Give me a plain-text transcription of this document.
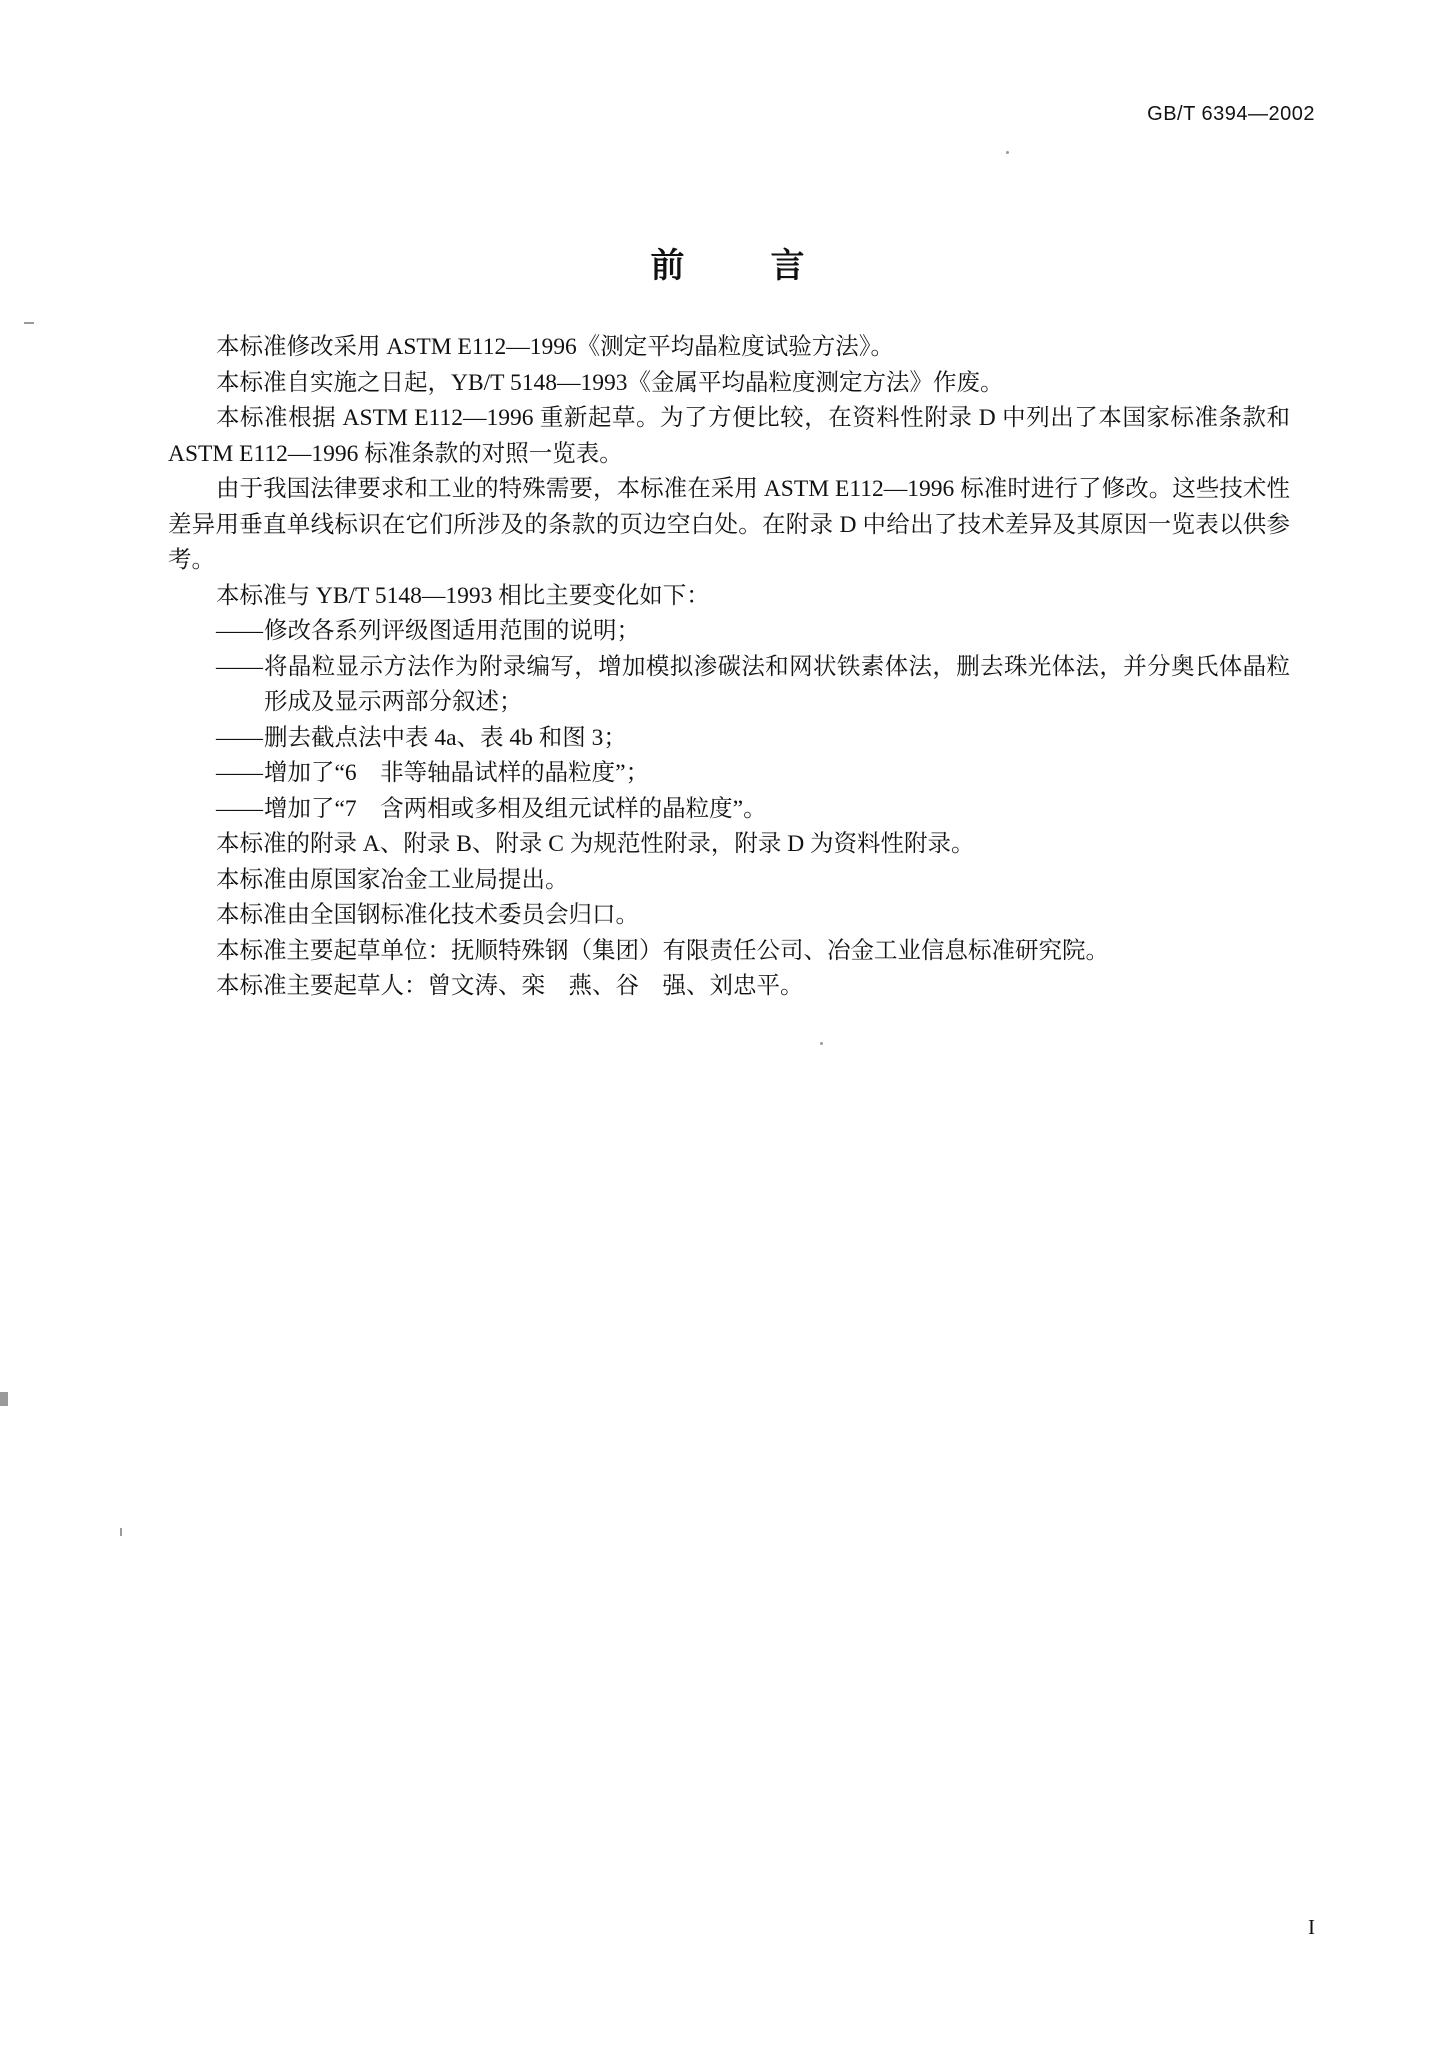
GB/T 6394—2002
前　言

本标准修改采用 ASTM E112—1996《测定平均晶粒度试验方法》。

本标准自实施之日起，YB/T 5148—1993《金属平均晶粒度测定方法》作废。

本标准根据 ASTM E112—1996 重新起草。为了方便比较，在资料性附录 D 中列出了本国家标准条款和 ASTM E112—1996 标准条款的对照一览表。

由于我国法律要求和工业的特殊需要，本标准在采用 ASTM E112—1996 标准时进行了修改。这些技术性差异用垂直单线标识在它们所涉及的条款的页边空白处。在附录 D 中给出了技术差异及其原因一览表以供参考。

本标准与 YB/T 5148—1993 相比主要变化如下：

—— 修改各系列评级图适用范围的说明；

—— 将晶粒显示方法作为附录编写，增加模拟渗碳法和网状铁素体法，删去珠光体法，并分奥氏体晶粒形成及显示两部分叙述；

—— 删去截点法中表 4a、表 4b 和图 3；

—— 增加了“6　非等轴晶试样的晶粒度”；

—— 增加了“7　含两相或多相及组元试样的晶粒度”。

本标准的附录 A、附录 B、附录 C 为规范性附录，附录 D 为资料性附录。

本标准由原国家冶金工业局提出。

本标准由全国钢标准化技术委员会归口。

本标准主要起草单位：抚顺特殊钢（集团）有限责任公司、冶金工业信息标准研究院。

本标准主要起草人：曾文涛、栾　燕、谷　强、刘忠平。

I
